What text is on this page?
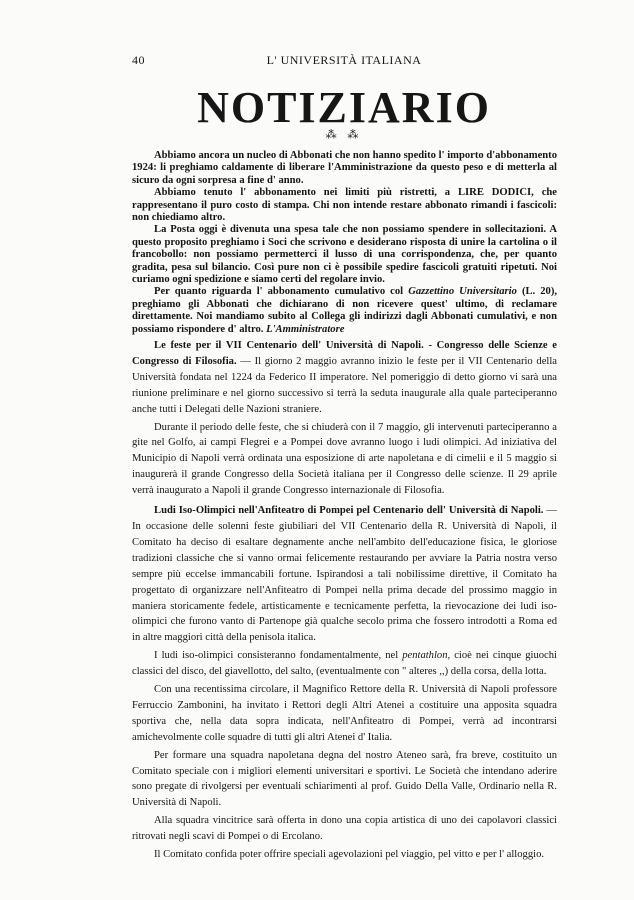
40	L' UNIVERSITÀ ITALIANA
NOTIZIARIO
⁂ ⁂

Abbiamo ancora un nucleo di Abbonati che non hanno spedito l' importo d'abbonamento 1924: li preghiamo caldamente di liberare l'Amministrazione da questo peso e di metterla al sicuro da ogni sorpresa a fine d' anno.

Abbiamo tenuto l' abbonamento nei limiti più ristretti, a LIRE DODICI, che rappresentano il puro costo di stampa. Chi non intende restare abbonato rimandi i fascicoli: non chiediamo altro.

La Posta oggi è divenuta una spesa tale che non possiamo spendere in sollecitazioni. A questo proposito preghiamo i Soci che scrivono e desiderano risposta di unire la cartolina o il francobollo: non possiamo permetterci il lusso di una corrispondenza, che, per quanto gradita, pesa sul bilancio. Così pure non ci è possibile spedire fascicoli gratuiti ripetuti. Noi curiamo ogni spedizione e siamo certi del regolare invio.

Per quanto riguarda l' abbonamento cumulativo col Gazzettino Universitario (L. 20), preghiamo gli Abbonati che dichiarano di non ricevere quest' ultimo, di reclamare direttamente. Noi mandiamo subito al Collega gli indirizzi dagli Abbonati cumulativi, e non possiamo rispondere d' altro. L'Amministratore

Le feste per il VII Centenario dell' Università di Napoli. - Congresso delle Scienze e Congresso di Filosofia. — Il giorno 2 maggio avranno inizio le feste per il VII Centenario della Università fondata nel 1224 da Federico II imperatore. Nel pomeriggio di detto giorno vi sarà una riunione preliminare e nel giorno successivo si terrà la seduta inaugurale alla quale parteciperanno anche tutti i Delegati delle Nazioni straniere.

Durante il periodo delle feste, che si chiuderà con il 7 maggio, gli intervenuti parteciperanno a gite nel Golfo, ai campi Flegrei e a Pompei dove avranno luogo i ludi olimpici. Ad iniziativa del Municipio di Napoli verrà ordinata una esposizione di arte napoletana e di cimelii e il 5 maggio si inaugurerà il grande Congresso della Società italiana per il Congresso delle scienze. Il 29 aprile verrà inaugurato a Napoli il grande Congresso internazionale di Filosofia.

Ludi Iso-Olimpici nell'Anfiteatro di Pompei pel Centenario dell' Università di Napoli. — In occasione delle solenni feste giubiliari del VII Centenario della R. Università di Napoli, il Comitato ha deciso di esaltare degnamente anche nell'ambito dell'educazione fisica, le gloriose tradizioni classiche che si vanno ormai felicemente restaurando per avviare la Patria nostra verso sempre più eccelse immancabili fortune. Ispirandosi a tali nobilissime direttive, il Comitato ha progettato di organizzare nell'Anfiteatro di Pompei nella prima decade del prossimo maggio in maniera storicamente fedele, artisticamente e tecnicamente perfetta, la rievocazione dei ludi iso-olimpici che furono vanto di Partenope già qualche secolo prima che fossero introdotti a Roma ed in altre maggiori città della penisola italica.

I ludi iso-olimpici consisteranno fondamentalmente, nel pentathlon, cioè nei cinque giuochi classici del disco, del giavellotto, del salto, (eventualmente con " alteres ,,) della corsa, della lotta.

Con una recentissima circolare, il Magnifico Rettore della R. Università di Napoli professore Ferruccio Zambonini, ha invitato i Rettori degli Altri Atenei a costituire una apposita squadra sportiva che, nella data sopra indicata, nell'Anfiteatro di Pompei, verrà ad incontrarsi amichevolmente colle squadre di tutti gli altri Atenei d' Italia.

Per formare una squadra napoletana degna del nostro Ateneo sarà, fra breve, costituito un Comitato speciale con i migliori elementi universitari e sportivi. Le Società che intendano aderire sono pregate di rivolgersi per eventuali schiarimenti al prof. Guido Della Valle, Ordinario nella R. Università di Napoli.

Alla squadra vincitrice sarà offerta in dono una copia artistica di uno dei capolavori classici ritrovati negli scavi di Pompei o di Ercolano.

Il Comitato confida poter offrire speciali agevolazioni pel viaggio, pel vitto e per l' alloggio.
